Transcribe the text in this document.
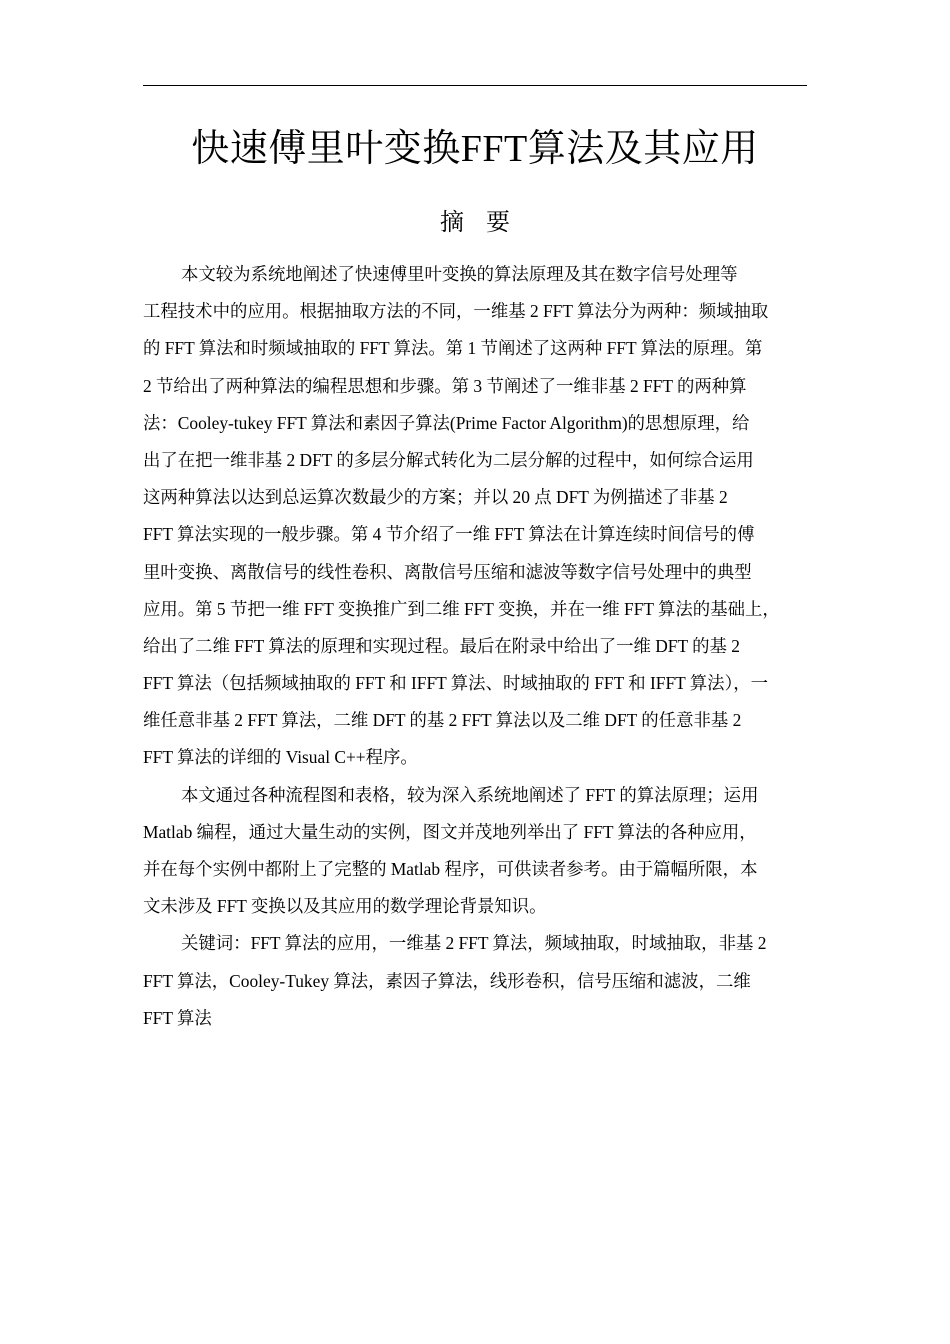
快速傅里叶变换FFT算法及其应用
摘要
本文较为系统地阐述了快速傅里叶变换的算法原理及其在数字信号处理等
工程技术中的应用。根据抽取方法的不同，一维基 2 FFT 算法分为两种：频域抽取
的 FFT 算法和时频域抽取的 FFT 算法。第 1 节阐述了这两种 FFT 算法的原理。第
2 节给出了两种算法的编程思想和步骤。第 3 节阐述了一维非基 2 FFT 的两种算
法：Cooley-tukey FFT 算法和素因子算法(Prime Factor Algorithm)的思想原理，给
出了在把一维非基 2 DFT 的多层分解式转化为二层分解的过程中，如何综合运用
这两种算法以达到总运算次数最少的方案；并以 20 点 DFT 为例描述了非基 2
FFT 算法实现的一般步骤。第 4 节介绍了一维 FFT 算法在计算连续时间信号的傅
里叶变换、离散信号的线性卷积、离散信号压缩和滤波等数字信号处理中的典型
应用。第 5 节把一维 FFT 变换推广到二维 FFT 变换，并在一维 FFT 算法的基础上，
给出了二维 FFT 算法的原理和实现过程。最后在附录中给出了一维 DFT 的基 2
FFT 算法（包括频域抽取的 FFT 和 IFFT 算法、时域抽取的 FFT 和 IFFT 算法），一
维任意非基 2 FFT 算法，二维 DFT 的基 2 FFT 算法以及二维 DFT 的任意非基 2
FFT 算法的详细的 Visual C++程序。
本文通过各种流程图和表格，较为深入系统地阐述了 FFT 的算法原理；运用
Matlab 编程，通过大量生动的实例，图文并茂地列举出了 FFT 算法的各种应用，
并在每个实例中都附上了完整的 Matlab 程序，可供读者参考。由于篇幅所限，本
文未涉及 FFT 变换以及其应用的数学理论背景知识。
关键词：FFT 算法的应用，一维基 2 FFT 算法，频域抽取，时域抽取，非基 2
FFT 算法，Cooley-Tukey 算法，素因子算法，线形卷积，信号压缩和滤波，二维
FFT 算法
